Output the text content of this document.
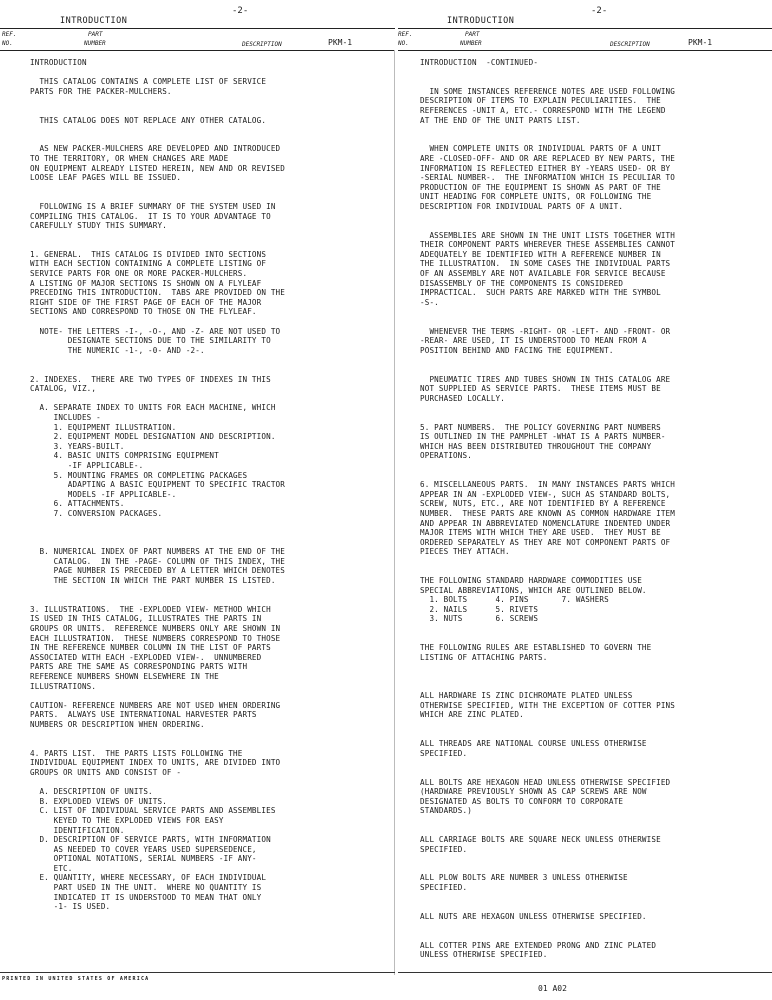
-2-
INTRODUCTION
REF.
NO.
PART
NUMBER	DESCRIPTION	PKM-1
INTRODUCTION
THIS CATALOG CONTAINS A COMPLETE LIST OF SERVICE
PARTS FOR THE PACKER-MULCHERS.
THIS CATALOG DOES NOT REPLACE ANY OTHER CATALOG.
AS NEW PACKER-MULCHERS ARE DEVELOPED AND INTRODUCED
TO THE TERRITORY, OR WHEN CHANGES ARE MADE
ON EQUIPMENT ALREADY LISTED HEREIN, NEW AND OR REVISED
LOOSE LEAF PAGES WILL BE ISSUED.
FOLLOWING IS A BRIEF SUMMARY OF THE SYSTEM USED IN
COMPILING THIS CATALOG.  IT IS TO YOUR ADVANTAGE TO
CAREFULLY STUDY THIS SUMMARY.
1. GENERAL.  THIS CATALOG IS DIVIDED INTO SECTIONS
WITH EACH SECTION CONTAINING A COMPLETE LISTING OF
SERVICE PARTS FOR ONE OR MORE PACKER-MULCHERS.
A LISTING OF MAJOR SECTIONS IS SHOWN ON A FLYLEAF
PRECEDING THIS INTRODUCTION.  TABS ARE PROVIDED ON THE
RIGHT SIDE OF THE FIRST PAGE OF EACH OF THE MAJOR
SECTIONS AND CORRESPOND TO THOSE ON THE FLYLEAF.
NOTE- THE LETTERS -I-, -O-, AND -Z- ARE NOT USED TO
DESIGNATE SECTIONS DUE TO THE SIMILARITY TO
THE NUMERIC -1-, -0- AND -2-.
2. INDEXES.  THERE ARE TWO TYPES OF INDEXES IN THIS
CATALOG, VIZ.,
A. SEPARATE INDEX TO UNITS FOR EACH MACHINE, WHICH
INCLUDES -
1. EQUIPMENT ILLUSTRATION.
2. EQUIPMENT MODEL DESIGNATION AND DESCRIPTION.
3. YEARS-BUILT.
4. BASIC UNITS COMPRISING EQUIPMENT
-IF APPLICABLE-.
5. MOUNTING FRAMES OR COMPLETING PACKAGES
ADAPTING A BASIC EQUIPMENT TO SPECIFIC TRACTOR
MODELS -IF APPLICABLE-.
6. ATTACHMENTS.
7. CONVERSION PACKAGES.
B. NUMERICAL INDEX OF PART NUMBERS AT THE END OF THE
CATALOG.  IN THE -PAGE- COLUMN OF THIS INDEX, THE
PAGE NUMBER IS PRECEDED BY A LETTER WHICH DENOTES
THE SECTION IN WHICH THE PART NUMBER IS LISTED.
3. ILLUSTRATIONS.  THE -EXPLODED VIEW- METHOD WHICH
IS USED IN THIS CATALOG, ILLUSTRATES THE PARTS IN
GROUPS OR UNITS.  REFERENCE NUMBERS ONLY ARE SHOWN IN
EACH ILLUSTRATION.  THESE NUMBERS CORRESPOND TO THOSE
IN THE REFERENCE NUMBER COLUMN IN THE LIST OF PARTS
ASSOCIATED WITH EACH -EXPLODED VIEW-.  UNNUMBERED
PARTS ARE THE SAME AS CORRESPONDING PARTS WITH
REFERENCE NUMBERS SHOWN ELSEWHERE IN THE
ILLUSTRATIONS.
CAUTION- REFERENCE NUMBERS ARE NOT USED WHEN ORDERING
PARTS.  ALWAYS USE INTERNATIONAL HARVESTER PARTS
NUMBERS OR DESCRIPTION WHEN ORDERING.
4. PARTS LIST.  THE PARTS LISTS FOLLOWING THE
INDIVIDUAL EQUIPMENT INDEX TO UNITS, ARE DIVIDED INTO
GROUPS OR UNITS AND CONSIST OF -
A. DESCRIPTION OF UNITS.
B. EXPLODED VIEWS OF UNITS.
C. LIST OF INDIVIDUAL SERVICE PARTS AND ASSEMBLIES
KEYED TO THE EXPLODED VIEWS FOR EASY
IDENTIFICATION.
D. DESCRIPTION OF SERVICE PARTS, WITH INFORMATION
AS NEEDED TO COVER YEARS USED SUPERSEDENCE,
OPTIONAL NOTATIONS, SERIAL NUMBERS -IF ANY-
ETC.
E. QUANTITY, WHERE NECESSARY, OF EACH INDIVIDUAL
PART USED IN THE UNIT.  WHERE NO QUANTITY IS
INDICATED IT IS UNDERSTOOD TO MEAN THAT ONLY
-1- IS USED.
PRINTED IN UNITED STATES OF AMERICA
-2-
INTRODUCTION
REF.
NO.
PART
NUMBER	DESCRIPTION	PKM-1
INTRODUCTION  -CONTINUED-
IN SOME INSTANCES REFERENCE NOTES ARE USED FOLLOWING
DESCRIPTION OF ITEMS TO EXPLAIN PECULIARITIES.  THE
REFERENCES -UNIT A, ETC.- CORRESPOND WITH THE LEGEND
AT THE END OF THE UNIT PARTS LIST.
WHEN COMPLETE UNITS OR INDIVIDUAL PARTS OF A UNIT
ARE -CLOSED-OFF- AND OR ARE REPLACED BY NEW PARTS, THE
INFORMATION IS REFLECTED EITHER BY -YEARS USED- OR BY
-SERIAL NUMBER-.  THE INFORMATION WHICH IS PECULIAR TO
PRODUCTION OF THE EQUIPMENT IS SHOWN AS PART OF THE
UNIT HEADING FOR COMPLETE UNITS, OR FOLLOWING THE
DESCRIPTION FOR INDIVIDUAL PARTS OF A UNIT.
ASSEMBLIES ARE SHOWN IN THE UNIT LISTS TOGETHER WITH
THEIR COMPONENT PARTS WHEREVER THESE ASSEMBLIES CANNOT
ADEQUATELY BE IDENTIFIED WITH A REFERENCE NUMBER IN
THE ILLUSTRATION.  IN SOME CASES THE INDIVIDUAL PARTS
OF AN ASSEMBLY ARE NOT AVAILABLE FOR SERVICE BECAUSE
DISASSEMBLY OF THE COMPONENTS IS CONSIDERED
IMPRACTICAL.  SUCH PARTS ARE MARKED WITH THE SYMBOL
-S-.
WHENEVER THE TERMS -RIGHT- OR -LEFT- AND -FRONT- OR
-REAR- ARE USED, IT IS UNDERSTOOD TO MEAN FROM A
POSITION BEHIND AND FACING THE EQUIPMENT.
PNEUMATIC TIRES AND TUBES SHOWN IN THIS CATALOG ARE
NOT SUPPLIED AS SERVICE PARTS.  THESE ITEMS MUST BE
PURCHASED LOCALLY.
5. PART NUMBERS.  THE POLICY GOVERNING PART NUMBERS
IS OUTLINED IN THE PAMPHLET -WHAT IS A PARTS NUMBER-
WHICH HAS BEEN DISTRIBUTED THROUGHOUT THE COMPANY
OPERATIONS.
6. MISCELLANEOUS PARTS.  IN MANY INSTANCES PARTS WHICH
APPEAR IN AN -EXPLODED VIEW-, SUCH AS STANDARD BOLTS,
SCREW, NUTS, ETC., ARE NOT IDENTIFIED BY A REFERENCE
NUMBER.  THESE PARTS ARE KNOWN AS COMMON HARDWARE ITEM
AND APPEAR IN ABBREVIATED NOMENCLATURE INDENTED UNDER
MAJOR ITEMS WITH WHICH THEY ARE USED.  THEY MUST BE
ORDERED SEPARATELY AS THEY ARE NOT COMPONENT PARTS OF
PIECES THEY ATTACH.
THE FOLLOWING STANDARD HARDWARE COMMODITIES USE
SPECIAL ABBREVIATIONS, WHICH ARE OUTLINED BELOW.
1. BOLTS      4. PINS       7. WASHERS
2. NAILS      5. RIVETS
3. NUTS       6. SCREWS
THE FOLLOWING RULES ARE ESTABLISHED TO GOVERN THE
LISTING OF ATTACHING PARTS.
ALL HARDWARE IS ZINC DICHROMATE PLATED UNLESS
OTHERWISE SPECIFIED, WITH THE EXCEPTION OF COTTER PINS
WHICH ARE ZINC PLATED.
ALL THREADS ARE NATIONAL COURSE UNLESS OTHERWISE
SPECIFIED.
ALL BOLTS ARE HEXAGON HEAD UNLESS OTHERWISE SPECIFIED
(HARDWARE PREVIOUSLY SHOWN AS CAP SCREWS ARE NOW
DESIGNATED AS BOLTS TO CONFORM TO CORPORATE
STANDARDS.)
ALL CARRIAGE BOLTS ARE SQUARE NECK UNLESS OTHERWISE
SPECIFIED.
ALL PLOW BOLTS ARE NUMBER 3 UNLESS OTHERWISE
SPECIFIED.
ALL NUTS ARE HEXAGON UNLESS OTHERWISE SPECIFIED.
ALL COTTER PINS ARE EXTENDED PRONG AND ZINC PLATED
UNLESS OTHERWISE SPECIFIED.
01 A02
